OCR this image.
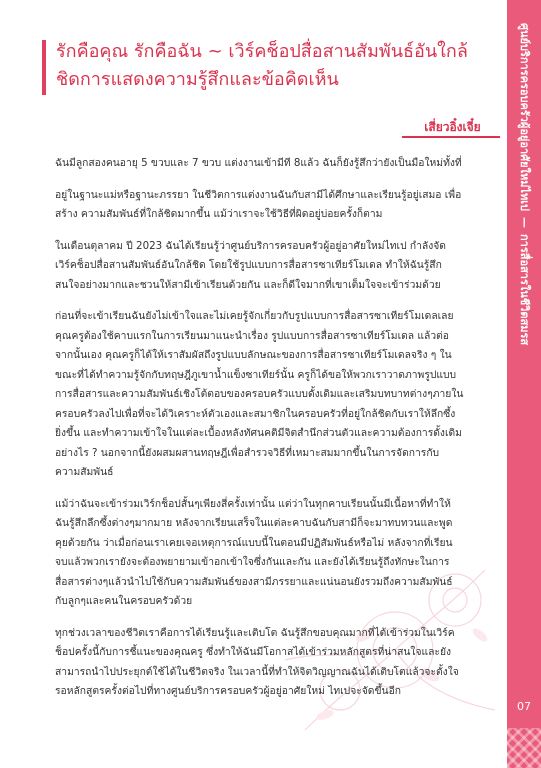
ศูนย์บริการครอบครัวผู้อยู่อาศัยใหม่ไทเป
—
การสื่อสารในชีวิตสมรส
07
รักคือคุณ รักคือฉัน ~ เวิร์คช็อปสื่อสานสัมพันธ์อันใกล้
ชิดการแสดงความรู้สึกและข้อคิดเห็น
เสี่ยวอิ๋งเจี๋ย

ฉันมีลูกสองคนอายุ 5 ขวบและ 7 ขวบ แต่งงานเข้ามีที 8แล้ว ฉันก็ยังรู้สึกว่ายังเป็นมือใหม่ทั้งที่

อยู่ในฐานะแม่หรือฐานะภรรยา ในชีวิตการแต่งงานฉันกับสามีได้ศึกษาและเรียนรู้อยู่เสมอ เพื่อ
สร้าง ความสัมพันธ์ที่ใกล้ชิดมากขึ้น แม้ว่าเราจะใช้วิธีที่ผิดอยู่บ่อยครั้งก็ตาม

ในเดือนตุลาคม ปี 2023 ฉันได้เรียนรู้ว่าศูนย์บริการครอบครัวผู้อยู่อาศัยใหม่ไทเป กำลังจัด
เวิร์คช็อปสื่อสานสัมพันธ์อันใกล้ชิด โดยใช้รูปแบบการสื่อสารซาเทียร์โมเดล ทำให้ฉันรู้สึก
สนใจอย่างมากและชวนให้สามีเข้าเรียนด้วยกัน และก็ดีใจมากที่เขาเต็มใจจะเข้าร่วมด้วย

ก่อนที่จะเข้าเรียนฉันยังไม่เข้าใจและไม่เคยรู้จักเกี่ยวกับรูปแบบการสื่อสารซาเทียร์โมเดลเลย
คุณครูต้องใช้คาบแรกในการเรียนมาแนะนำเรื่อง รูปแบบการสื่อสารซาเทียร์โมเดล แล้วต่อ
จากนั้นเอง คุณครูก็ได้ให้เราสัมผัสถึงรูปแบบลักษณะของการสื่อสารซาเทียร์โมเดลจริง ๆ ใน
ขณะที่ได้ทำความรู้จักกับทฤษฎีภูเขาน้ำแข็งซาเทียร์นั้น ครูก็ได้ขอให้พวกเราวาดภาพรูปแบบ
การสื่อสารและความสัมพันธ์เชิงโต้ตอบของครอบครัวแบบดั้งเดิมและเสริมบทบาทต่างๆภายใน
ครอบครัวลงไปเพื่อที่จะได้วิเคราะห์ตัวเองและสมาชิกในครอบครัวที่อยู่ใกล้ชิดกับเราให้ลึกซึ้ง
ยิ่งขึ้น และทำความเข้าใจในแต่ละเบื้องหลังทัศนคติมีจิตสำนึกส่วนตัวและความต้องการดั้งเดิม
อย่างไร ? นอกจากนี้ยังผสมผสานทฤษฎีเพื่อสำรวจวิธีที่เหมาะสมมากขึ้นในการจัดการกับ
ความสัมพันธ์

แม้ว่าฉันจะเข้าร่วมเวิร์กช็อปสั้นๆเพียงสี่ครั้งเท่านั้น แต่ว่าในทุกคาบเรียนนั้นมีเนื้อหาที่ทำให้
ฉันรู้สึกลึกซึ้งต่างๆมากมาย หลังจากเรียนเสร็จในแต่ละคาบฉันกับสามีก็จะมาทบทวนและพูด
คุยด้วยกัน ว่าเมื่อก่อนเราเคยเจอเหตุการณ์แบบนี้ในตอนมีปฏิสัมพันธ์หรือไม่ หลังจากที่เรียน
จบแล้วพวกเรายังจะต้องพยายามเข้าอกเข้าใจซึ่งกันและกัน และยังได้เรียนรู้ถึงทักษะในการ
สื่อสารต่างๆแล้วนำไปใช้กับความสัมพันธ์ของสามีภรรยาและแน่นอนยังรวมถึงความสัมพันธ์
กับลูกๆและคนในครอบครัวด้วย

ทุกช่วงเวลาของชีวิตเราคือการได้เรียนรู้และเติบโต ฉันรู้สึกขอบคุณมากที่ได้เข้าร่วมในเวิร์ค
ช็อปครั้งนี้กับการชี้แนะของคุณครู ซึ่งทำให้ฉันมีโอกาสได้เข้าร่วมหลักสูตรที่น่าสนใจและยัง
สามารถนำไปประยุกต์ใช้ได้ในชีวิตจริง ในเวลานี้ที่ทำให้จิตวิญญาณฉันได้เติบโตแล้วจะตั้งใจ
รอหลักสูตรครั้งต่อไปที่ทางศูนย์บริการครอบครัวผู้อยู่อาศัยใหม่ ไทเปจะจัดขึ้นอีก
